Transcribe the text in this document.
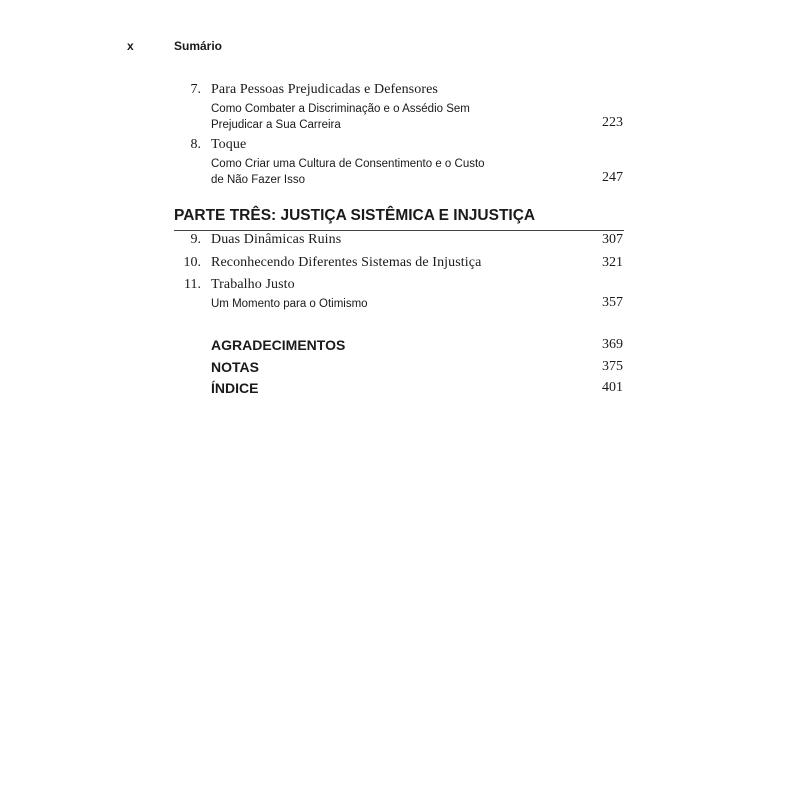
x	Sumário
7. Para Pessoas Prejudicadas e Defensores
Como Combater a Discriminação e o Assédio Sem
Prejudicar a Sua Carreira	223
8. Toque
Como Criar uma Cultura de Consentimento e o Custo
de Não Fazer Isso	247
PARTE TRÊS: JUSTIÇA SISTÊMICA E INJUSTIÇA
9. Duas Dinâmicas Ruins	307
10. Reconhecendo Diferentes Sistemas de Injustiça	321
11. Trabalho Justo
Um Momento para o Otimismo	357
AGRADECIMENTOS	369
NOTAS	375
ÍNDICE	401
